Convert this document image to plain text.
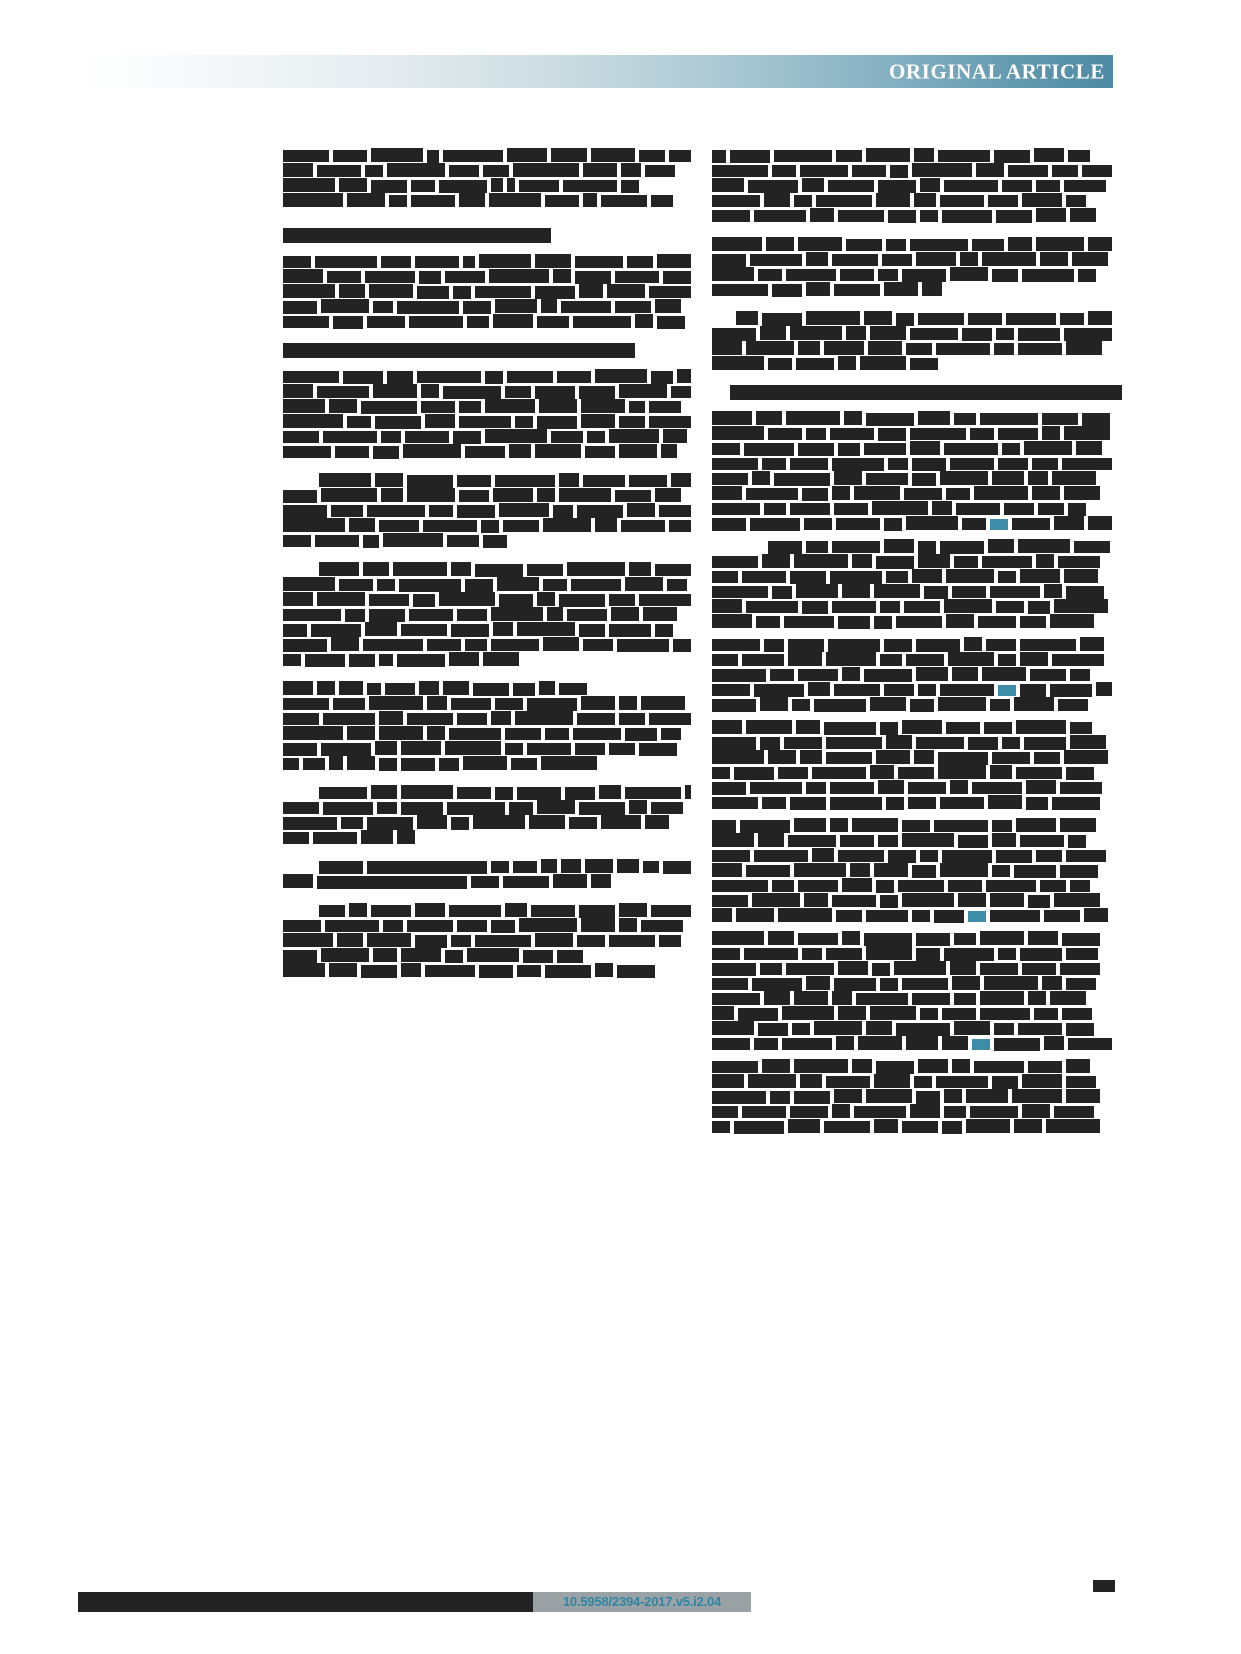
ORIGINAL ARTICLE
10.5958/2394-2017.v5.i2.04
